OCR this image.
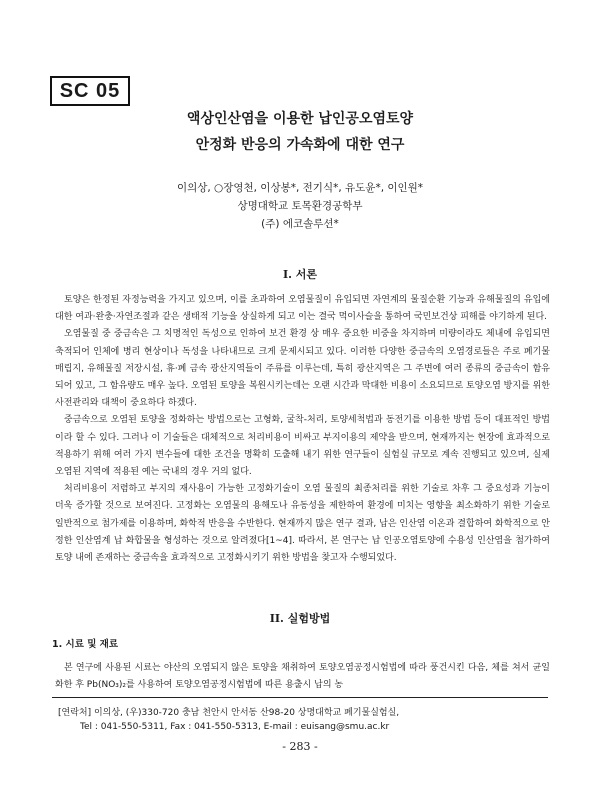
SC 05
액상인산염을 이용한 납인공오염토양
안정화 반응의 가속화에 대한 연구
이의상, ○장영천, 이상봉*, 전기식*, 유도윤*, 이인원*
상명대학교 토목환경공학부
(주) 에코솔루션*
I. 서론

토양은 한정된 자정능력을 가지고 있으며, 이를 초과하여 오염물질이 유입되면 자연계의 물질순환 기능과 유해물질의 유입에 대한 여과·완충·자연조절과 같은 생태적 기능을 상실하게 되고 이는 결국 먹이사슬을 통하여 국민보건상 피해를 야기하게 된다.

오염물질 중 중금속은 그 치명적인 독성으로 인하여 보건 환경 상 매우 중요한 비중을 차지하며 미량이라도 체내에 유입되면 축적되어 인체에 병리 현상이나 독성을 나타내므로 크게 문제시되고 있다. 이러한 다양한 중금속의 오염경로들은 주로 폐기물 매립지, 유해물질 저장시설, 휴·폐 금속 광산지역들이 주류를 이루는데, 특히 광산지역은 그 주변에 여러 종류의 중금속이 함유되어 있고, 그 함유량도 매우 높다. 오염된 토양을 복원시키는데는 오랜 시간과 막대한 비용이 소요되므로 토양오염 방지를 위한 사전관리와 대책이 중요하다 하겠다.

중금속으로 오염된 토양을 정화하는 방법으로는 고형화, 굴착-처리, 토양세척법과 동전기를 이용한 방법 등이 대표적인 방법이라 할 수 있다. 그러나 이 기술들은 대체적으로 처리비용이 비싸고 부지이용의 제약을 받으며, 현재까지는 현장에 효과적으로 적용하기 위해 여러 가지 변수들에 대한 조건을 명확히 도출해 내기 위한 연구들이 실험실 규모로 계속 진행되고 있으며, 실제 오염된 지역에 적용된 예는 국내의 경우 거의 없다.

처리비용이 저렴하고 부지의 재사용이 가능한 고정화기술이 오염 물질의 최종처리를 위한 기술로 차후 그 중요성과 기능이 더욱 증가할 것으로 보여진다. 고정화는 오염물의 용해도나 유동성을 제한하여 환경에 미치는 영향을 최소화하기 위한 기술로 일반적으로 첨가제를 이용하며, 화학적 반응을 수반한다. 현재까지 많은 연구 결과, 납은 인산염 이온과 결합하여 화학적으로 안정한 인산염계 납 화합물을 형성하는 것으로 알려졌다[1~4]. 따라서, 본 연구는 납 인공오염토양에 수용성 인산염을 첨가하여 토양 내에 존재하는 중금속을 효과적으로 고정화시키기 위한 방법을 찾고자 수행되었다.

II. 실험방법
1. 시료 및 재료

본 연구에 사용된 시료는 야산의 오염되지 않은 토양을 채취하여 토양오염공정시험법에 따라 풍건시킨 다음, 체를 쳐서 균일화한 후 Pb(NO₃)₂를 사용하여 토양오염공정시험법에 따른 용출시 납의 농

[연락처] 이의상, (우)330-720 충남 천안시 안서동 산98-20 상명대학교 폐기물실험실,
Tel : 041-550-5311, Fax : 041-550-5313, E-mail : euisang@smu.ac.kr
- 283 -
